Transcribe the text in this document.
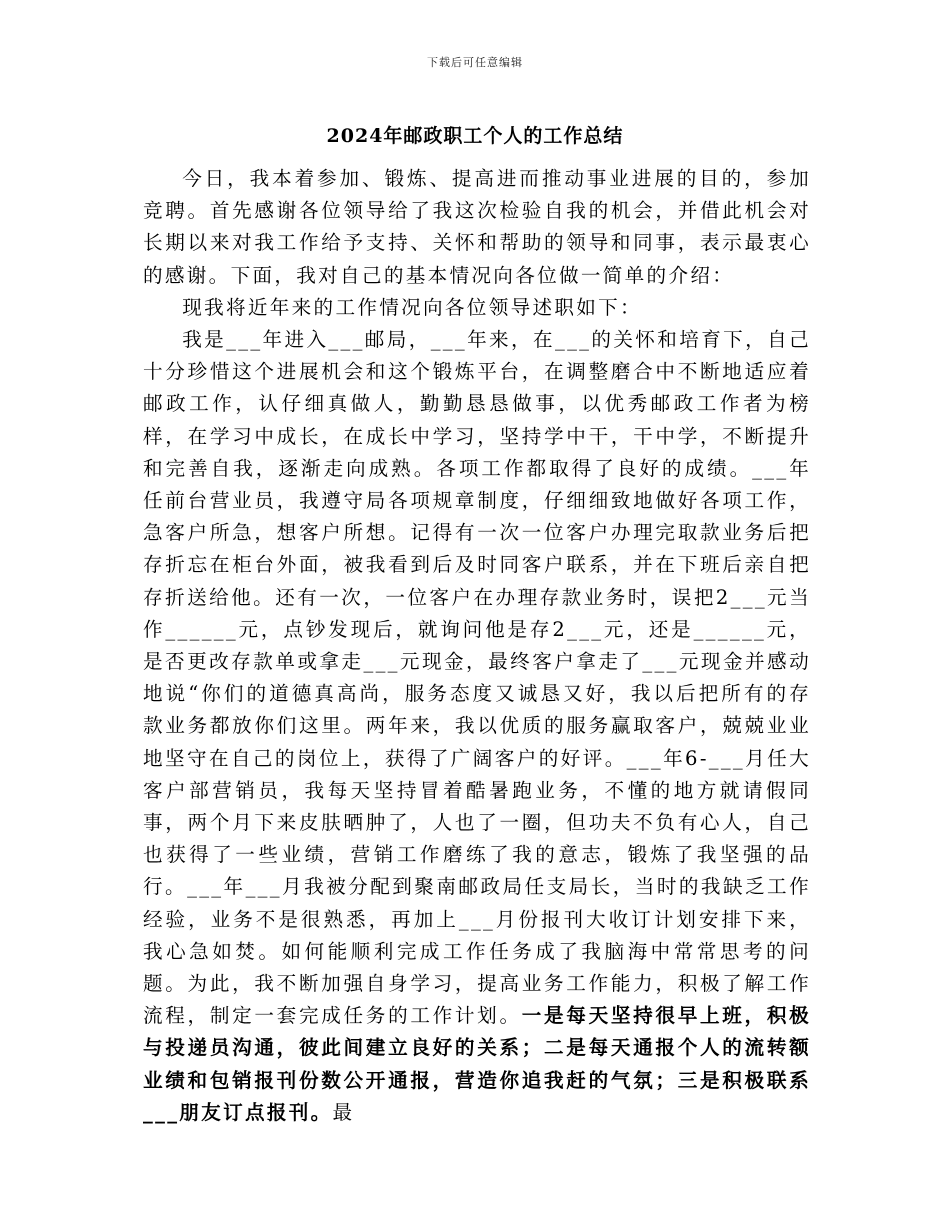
下载后可任意编辑
2024年邮政职工个人的工作总结

今日，我本着参加、锻炼、提高进而推动事业进展的目的，参加竞聘。首先感谢各位领导给了我这次检验自我的机会，并借此机会对长期以来对我工作给予支持、关怀和帮助的领导和同事，表示最衷心的感谢。下面，我对自己的基本情况向各位做一简单的介绍：

现我将近年来的工作情况向各位领导述职如下：

我是___年进入___邮局，___年来，在___的关怀和培育下，自己十分珍惜这个进展机会和这个锻炼平台，在调整磨合中不断地适应着邮政工作，认仔细真做人，勤勤恳恳做事，以优秀邮政工作者为榜样，在学习中成长，在成长中学习，坚持学中干，干中学，不断提升和完善自我，逐渐走向成熟。各项工作都取得了良好的成绩。___年任前台营业员，我遵守局各项规章制度，仔细细致地做好各项工作，急客户所急，想客户所想。记得有一次一位客户办理完取款业务后把存折忘在柜台外面，被我看到后及时同客户联系，并在下班后亲自把存折送给他。还有一次，一位客户在办理存款业务时，误把2___元当作______元，点钞发现后，就询问他是存2___元，还是______元，是否更改存款单或拿走___元现金，最终客户拿走了___元现金并感动地说“你们的道德真高尚，服务态度又诚恳又好，我以后把所有的存款业务都放你们这里。两年来，我以优质的服务赢取客户，兢兢业业地坚守在自己的岗位上，获得了广阔客户的好评。___年6-___月任大客户部营销员，我每天坚持冒着酷暑跑业务，不懂的地方就请假同事，两个月下来皮肤晒肿了，人也了一圈，但功夫不负有心人，自己也获得了一些业绩，营销工作磨练了我的意志，锻炼了我坚强的品行。___年___月我被分配到聚南邮政局任支局长，当时的我缺乏工作经验，业务不是很熟悉，再加上___月份报刊大收订计划安排下来，我心急如焚。如何能顺利完成工作任务成了我脑海中常常思考的问题。为此，我不断加强自身学习，提高业务工作能力，积极了解工作流程，制定一套完成任务的工作计划。一是每天坚持很早上班，积极与投递员沟通，彼此间建立良好的关系；二是每天通报个人的流转额业绩和包销报刊份数公开通报，营造你追我赶的气氛；三是积极联系___朋友订点报刊。最
